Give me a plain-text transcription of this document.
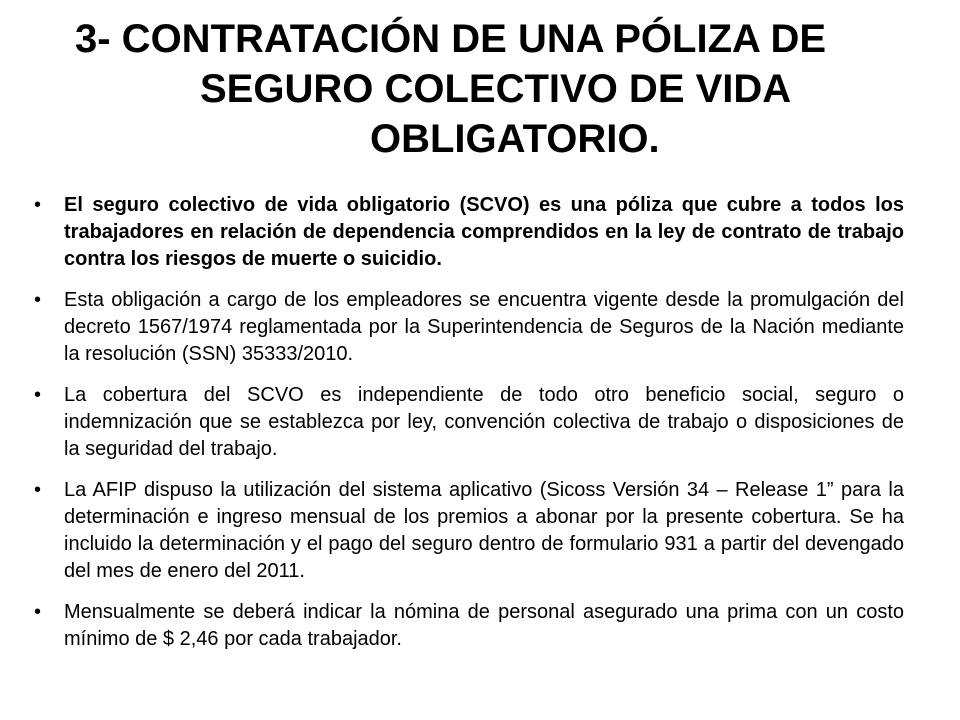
3- CONTRATACIÓN DE UNA PÓLIZA DE
SEGURO COLECTIVO DE VIDA
OBLIGATORIO.
•	El seguro colectivo de vida obligatorio (SCVO) es una póliza que cubre a todos los trabajadores en relación de dependencia comprendidos en la ley de contrato de trabajo contra los riesgos de muerte o suicidio.
•	Esta obligación a cargo de los empleadores se encuentra vigente desde la promulgación del decreto 1567/1974 reglamentada por la Superintendencia de Seguros de la Nación mediante la resolución (SSN) 35333/2010.
•	La cobertura del SCVO es independiente de todo otro beneficio social, seguro o indemnización que se establezca por ley, convención colectiva de trabajo o disposiciones de la seguridad del trabajo.
•	La AFIP dispuso la utilización del sistema aplicativo (Sicoss Versión 34 – Release 1” para la determinación e ingreso mensual de los premios a abonar por la presente cobertura. Se ha incluido la determinación y el pago del seguro dentro de formulario 931 a partir del devengado del mes de enero del 2011.
•	Mensualmente se deberá indicar la nómina de personal asegurado una prima con un costo mínimo de $ 2,46 por cada trabajador.
